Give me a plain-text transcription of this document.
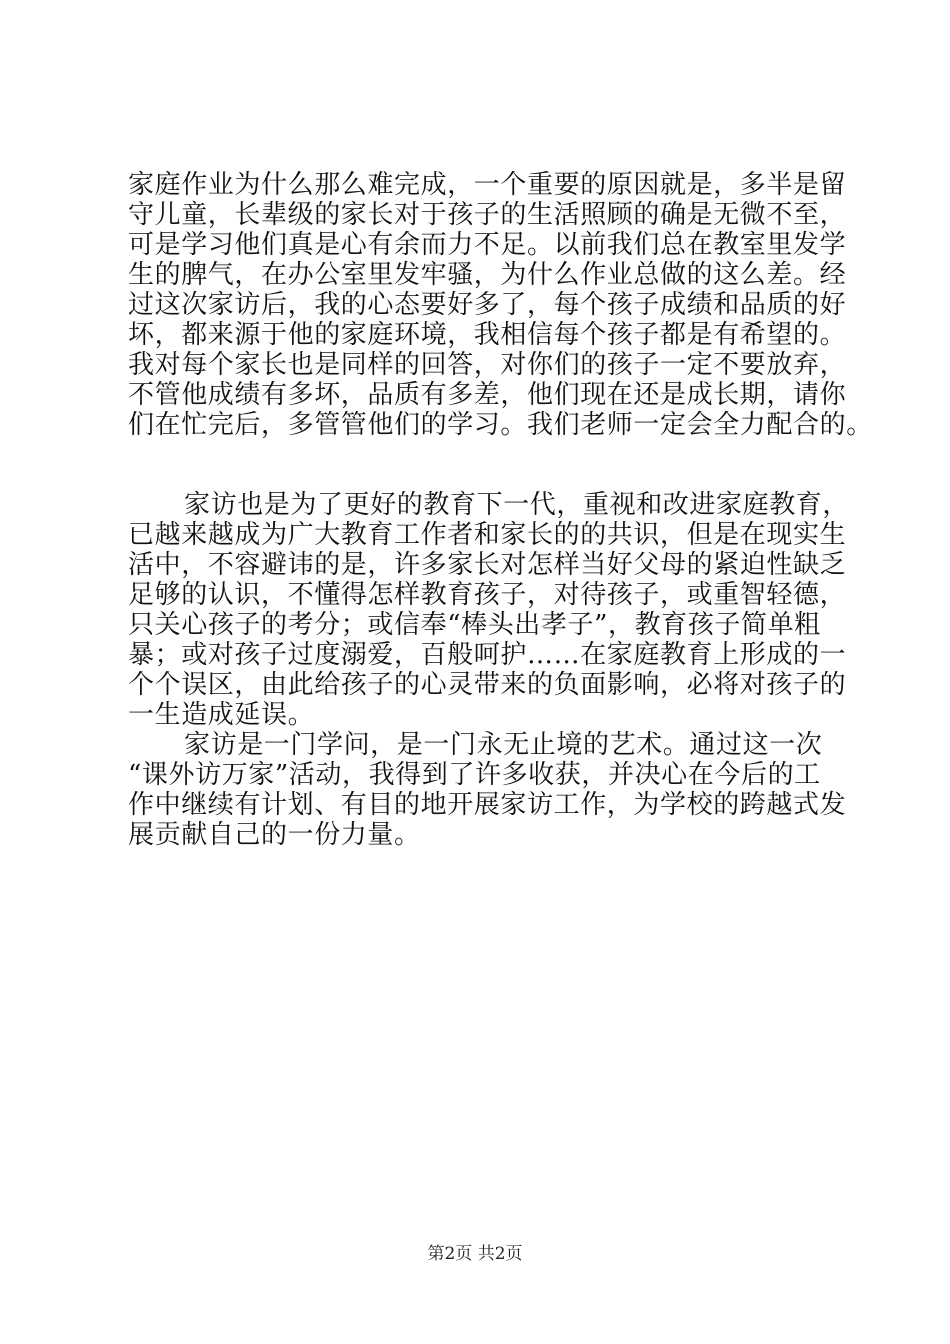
家庭作业为什么那么难完成，一个重要的原因就是，多半是留
守儿童，长辈级的家长对于孩子的生活照顾的确是无微不至，
可是学习他们真是心有余而力不足。以前我们总在教室里发学
生的脾气，在办公室里发牢骚，为什么作业总做的这么差。经
过这次家访后，我的心态要好多了，每个孩子成绩和品质的好
坏，都来源于他的家庭环境，我相信每个孩子都是有希望的。
我对每个家长也是同样的回答，对你们的孩子一定不要放弃，
不管他成绩有多坏，品质有多差，他们现在还是成长期，请你
们在忙完后，多管管他们的学习。我们老师一定会全力配合的。
家访也是为了更好的教育下一代，重视和改进家庭教育，
已越来越成为广大教育工作者和家长的的共识，但是在现实生
活中，不容避讳的是，许多家长对怎样当好父母的紧迫性缺乏
足够的认识，不懂得怎样教育孩子，对待孩子，或重智轻德，
只关心孩子的考分；或信奉“棒头出孝子”，教育孩子简单粗
暴；或对孩子过度溺爱，百般呵护……在家庭教育上形成的一
个个误区，由此给孩子的心灵带来的负面影响，必将对孩子的
一生造成延误。
家访是一门学问，是一门永无止境的艺术。通过这一次
“课外访万家”活动，我得到了许多收获，并决心在今后的工
作中继续有计划、有目的地开展家访工作，为学校的跨越式发
展贡献自己的一份力量。
第2页 共2页
